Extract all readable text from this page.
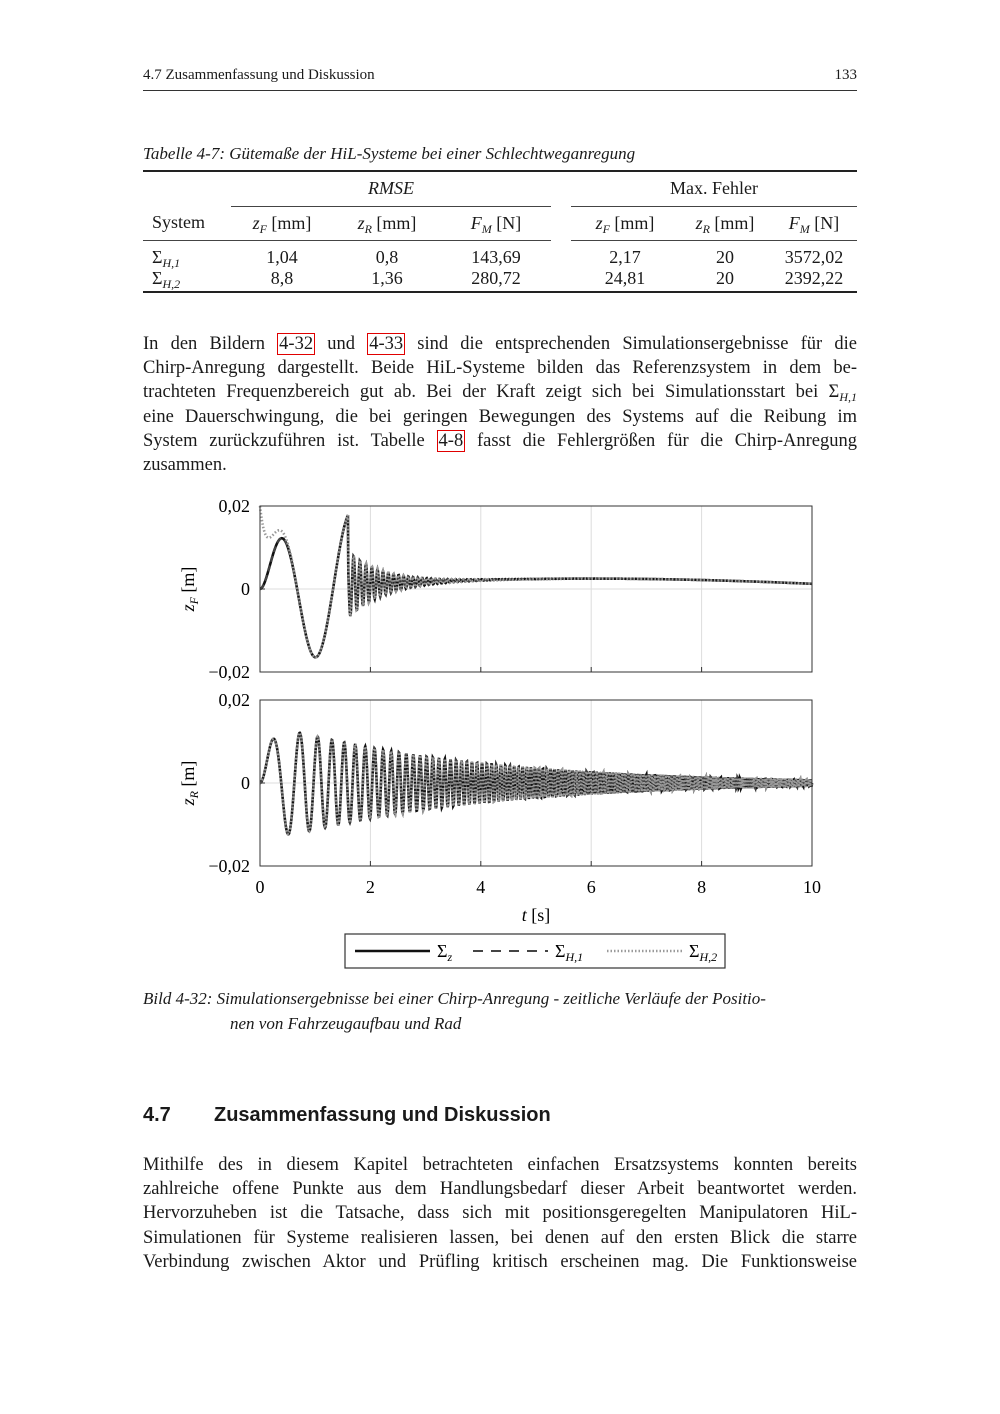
4.7 Zusammenfassung und Diskussion	133
Tabelle 4-7: Gütemaße der HiL-Systeme bei einer Schlechtweganregung

	RMSE				Max. Fehler		
System	$z_F$ [mm]	$z_R$ [mm]	$F_M$ [N]		$z_F$ [mm]	$z_R$ [mm]	$F_M$ [N]
$\Sigma_{H,1}$	1,04	0,8	143,69		2,17	20	3572,02
$\Sigma_{H,2}$	8,8	1,36	280,72		24,81	20	2392,22
In den Bildern 4-32 und 4-33 sind die entsprechenden Simulationsergebnisse für die
Chirp-Anregung dargestellt. Beide HiL-Systeme bilden das Referenzsystem in dem be-
trachteten Frequenzbereich gut ab. Bei der Kraft zeigt sich bei Simulationsstart bei $\Sigma_{H,1}$
eine Dauerschwingung, die bei geringen Bewegungen des Systems auf die Reibung im
System zurückzuführen ist. Tabelle 4-8 fasst die Fehlergrößen für die Chirp-Anregung
zusammen.
0,02
0
−0,02
$z_F$ [m]
0,02
0
−0,02
$z_R$ [m]
0	2	4	6	8	10
t [s]
$\Sigma_z$	$\Sigma_{H,1}$	$\Sigma_{H,2}$
Bild 4-32: Simulationsergebnisse bei einer Chirp-Anregung - zeitliche Verläufe der Positio-
nen von Fahrzeugaufbau und Rad
4.7 Zusammenfassung und Diskussion
Mithilfe des in diesem Kapitel betrachteten einfachen Ersatzsystems konnten bereits
zahlreiche offene Punkte aus dem Handlungsbedarf dieser Arbeit beantwortet werden.
Hervorzuheben ist die Tatsache, dass sich mit positionsgeregelten Manipulatoren HiL-
Simulationen für Systeme realisieren lassen, bei denen auf den ersten Blick die starre
Verbindung zwischen Aktor und Prüfling kritisch erscheinen mag. Die Funktionsweise
